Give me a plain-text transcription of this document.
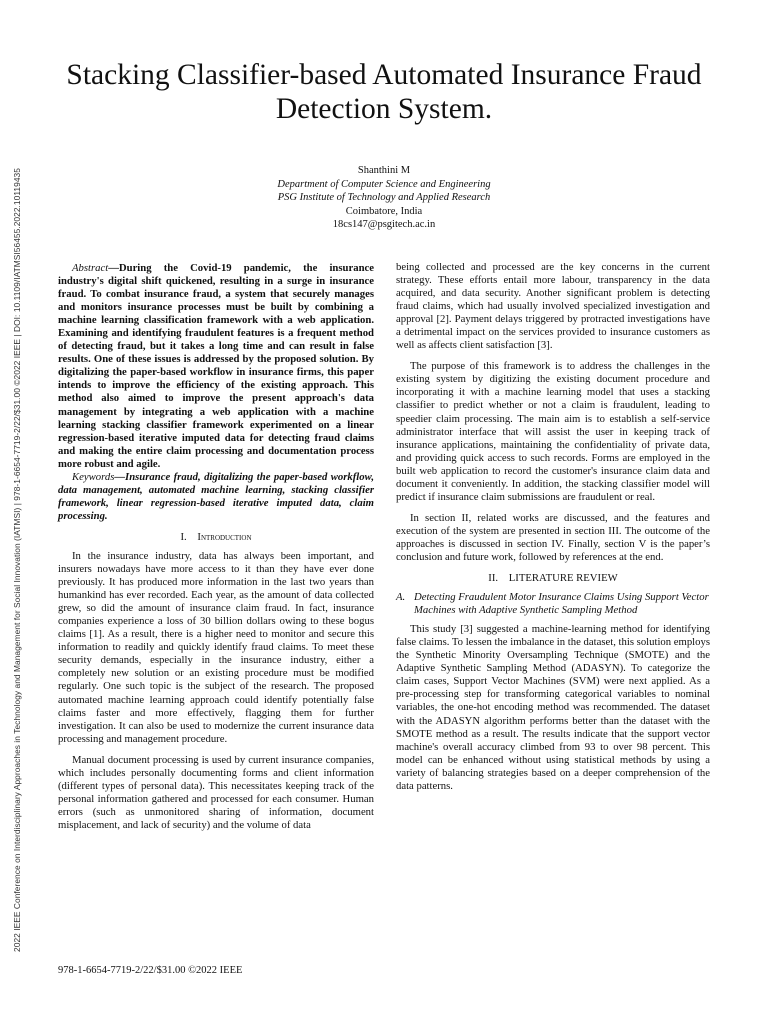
2022 IEEE Conference on Interdisciplinary Approaches in Technology and Management for Social Innovation (IATMSI) | 978-1-6654-7719-2/22/$31.00 ©2022 IEEE | DOI: 10.1109/IATMSI56455.2022.10119435
Stacking Classifier-based Automated Insurance Fraud Detection System.
Shanthini M
Department of Computer Science and Engineering
PSG Institute of Technology and Applied Research
Coimbatore, India
18cs147@psgitech.ac.in

Abstract—During the Covid-19 pandemic, the insurance industry's digital shift quickened, resulting in a surge in insurance fraud. To combat insurance fraud, a system that securely manages and monitors insurance processes must be built by combining a machine learning classification framework with a web application. Examining and identifying fraudulent features is a frequent method of detecting fraud, but it takes a long time and can result in false results. One of these issues is addressed by the proposed solution. By digitalizing the paper-based workflow in insurance firms, this paper intends to improve the efficiency of the existing approach. This method also aimed to improve the present approach's data management by integrating a web application with a machine learning stacking classifier framework experimented on a linear regression-based iterative imputed data for detecting fraud claims and making the entire claim processing and documentation process more robust and agile.

Keywords—Insurance fraud, digitalizing the paper-based workflow, data management, automated machine learning, stacking classifier framework, linear regression-based iterative imputed data, claim processing.

I. Introduction

In the insurance industry, data has always been important, and insurers nowadays have more access to it than they have ever done previously. It has produced more information in the last two years than humankind has ever recorded. Each year, as the amount of data collected grew, so did the amount of insurance claim fraud. In fact, insurance companies experience a loss of 30 billion dollars owing to these bogus claims [1]. As a result, there is a higher need to monitor and secure this information to readily and quickly identify fraud claims. To meet these security demands, especially in the insurance industry, either a completely new solution or an existing procedure must be modified regularly. One such topic is the subject of the research. The proposed automated machine learning approach could identify potentially false claims faster and more effectively, flagging them for further investigation. It can also be used to modernize the current insurance data processing and management procedure.

Manual document processing is used by current insurance companies, which includes personally documenting forms and client information (different types of personal data). This necessitates keeping track of the personal information gathered and processed for each consumer. Human errors (such as unmonitored sharing of information, document misplacement, and lack of security) and the volume of data

being collected and processed are the key concerns in the current strategy. These efforts entail more labour, transparency in the data acquired, and data security. Another significant problem is detecting fraud claims, which had usually involved specialized investigation and approval [2]. Payment delays triggered by protracted investigations have a detrimental impact on the services provided to insurance customers as well as affects client satisfaction [3].

The purpose of this framework is to address the challenges in the existing system by digitizing the existing document procedure and incorporating it with a machine learning model that uses a stacking classifier to predict whether or not a claim is fraudulent, leading to speedier claim processing. The main aim is to establish a self-service administrator interface that will assist the user in keeping track of insurance applications, maintaining the confidentiality of private data, and providing quick access to such records. Forms are employed in the built web application to record the customer's insurance claim data and document it conveniently. In addition, the stacking classifier model will predict if insurance claim submissions are fraudulent or real.

In section II, related works are discussed, and the features and execution of the system are presented in section III. The outcome of the approaches is discussed in section IV. Finally, section V is the paper’s conclusion and future work, followed by references at the end.

II. LITERATURE REVIEW
A. Detecting Fraudulent Motor Insurance Claims Using Support Vector Machines with Adaptive Synthetic Sampling Method

This study [3] suggested a machine-learning method for identifying false claims. To lessen the imbalance in the dataset, this solution employs the Synthetic Minority Oversampling Technique (SMOTE) and the Adaptive Synthetic Sampling Method (ADASYN). To categorize the claim cases, Support Vector Machines (SVM) were next applied. As a pre-processing step for transforming categorical variables to nominal variables, the one-hot encoding method was recommended. The dataset with the ADASYN algorithm performs better than the dataset with the SMOTE method as a result. The results indicate that the support vector machine's overall accuracy climbed from 93 to over 98 percent. This model can be enhanced without using statistical methods by using a variety of balancing strategies based on a deeper comprehension of the data patterns.

978-1-6654-7719-2/22/$31.00 ©2022 IEEE
